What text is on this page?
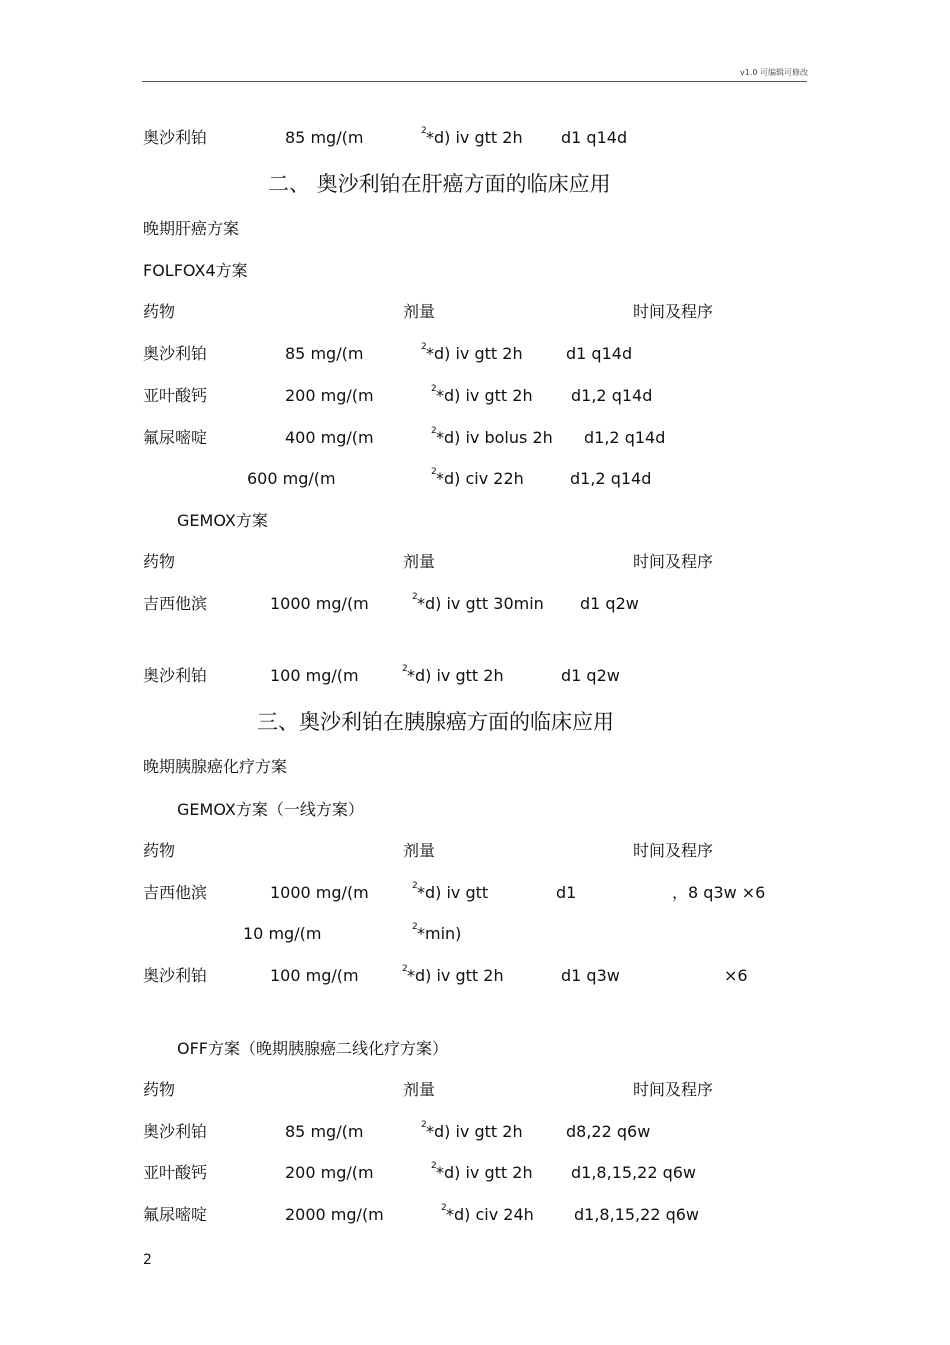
v1.0 可编辑可修改
奥沙利铂	85 mg/(m	2 *d) iv gtt 2h d1 q14d
二、 奥沙利铂在肝癌方面的临床应用
晚期肝癌方案
FOLFOX4方案
药物	剂量	时间及程序
奥沙利铂	85 mg/(m	2 *d) iv gtt 2h	d1 q14d
亚叶酸钙	200 mg/(m	2 *d) iv gtt 2h d1,2 q14d
氟尿嘧啶	400 mg/(m	2 *d) iv bolus 2h d1,2 q14d
600 mg/(m	2 *d) civ 22h	d1,2 q14d
GEMOX方案
药物	剂量	时间及程序
吉西他滨	1000 mg/(m	2 *d) iv gtt 30min d1 q2w
奥沙利铂	100 mg/(m	2 *d) iv gtt 2h	d1 q2w
三、奥沙利铂在胰腺癌方面的临床应用
晚期胰腺癌化疗方案
GEMOX方案（一线方案）
药物	剂量	时间及程序
吉西他滨	1000 mg/(m	2 *d) iv gtt	d1	，8 q3w ×6
10 mg/(m	2 *min)
奥沙利铂	100 mg/(m	2 *d) iv gtt 2h	d1 q3w	×6
OFF方案（晚期胰腺癌二线化疗方案）
药物	剂量	时间及程序
奥沙利铂	85 mg/(m	2 *d) iv gtt 2h	d8,22 q6w
亚叶酸钙	200 mg/(m	2 *d) iv gtt 2h d1,8,15,22 q6w
氟尿嘧啶	2000 mg/(m	2 *d) civ 24h	d1,8,15,22 q6w
2
